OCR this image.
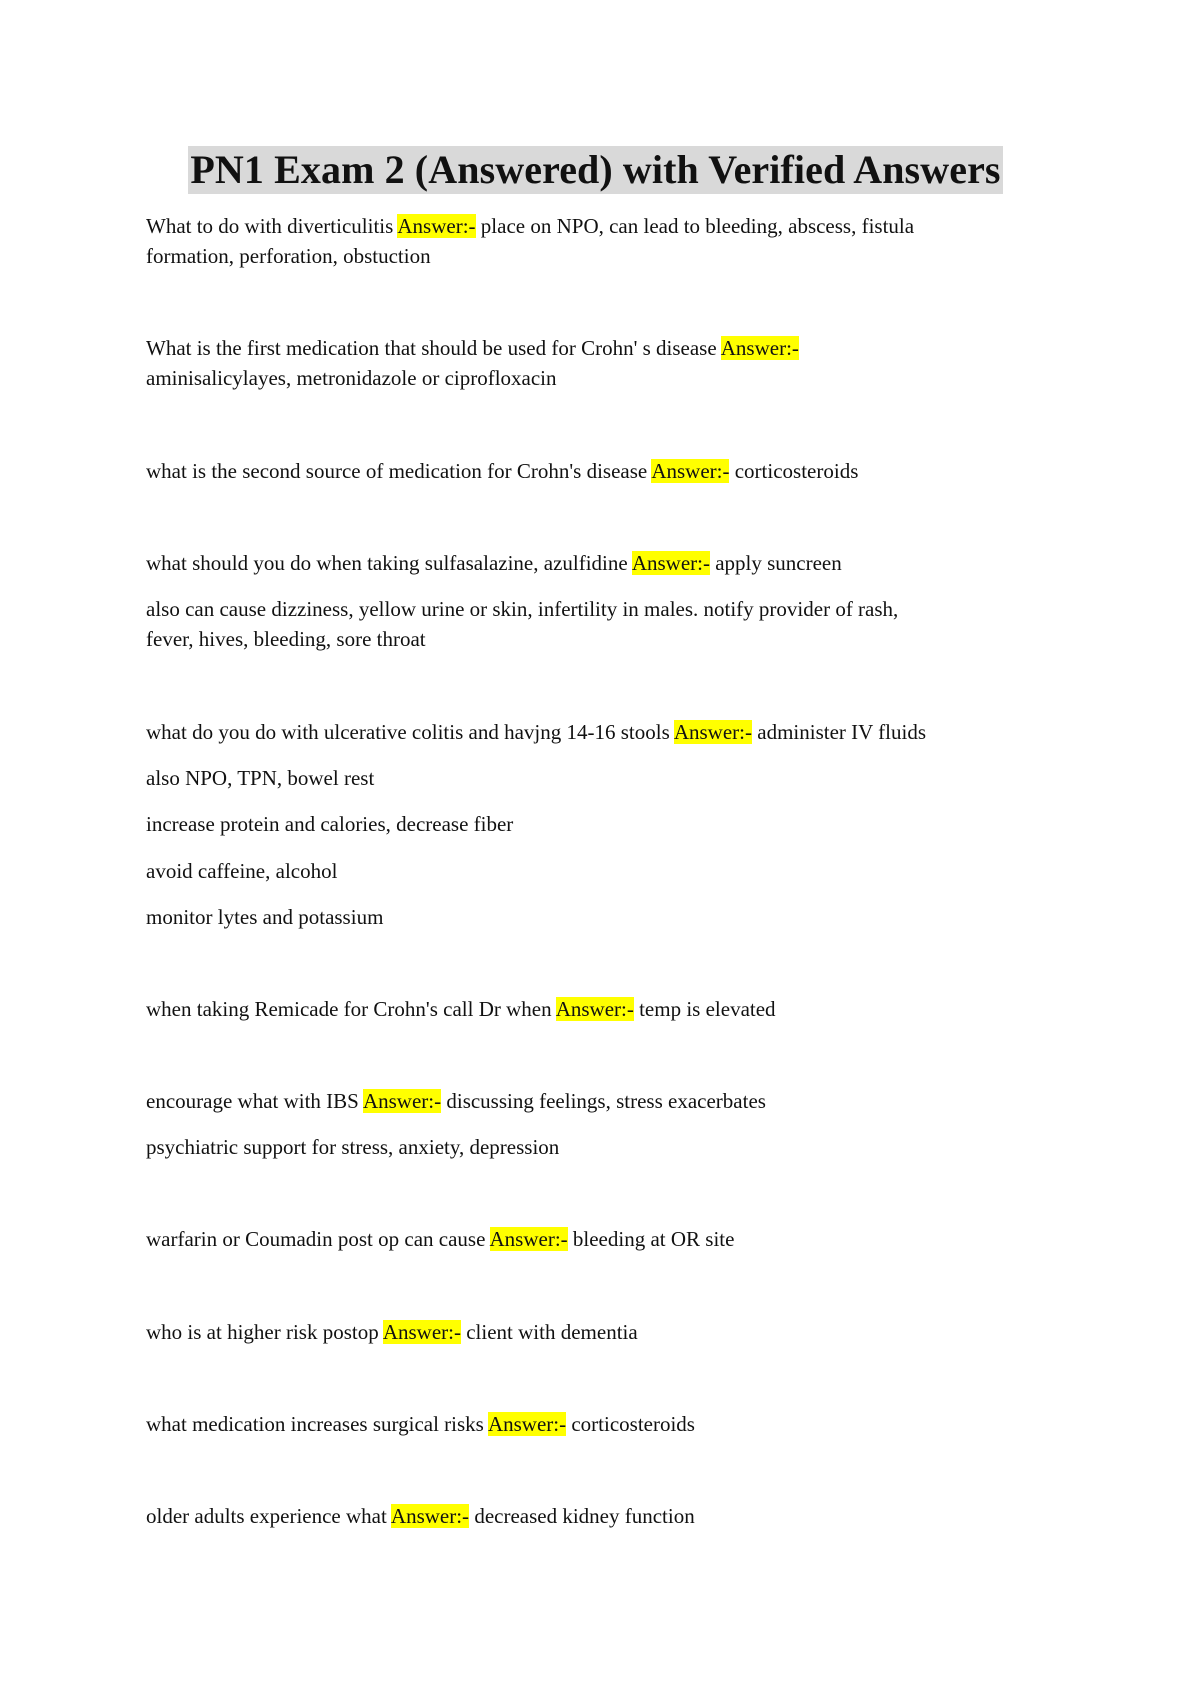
PN1 Exam 2 (Answered) with Verified Answers
What to do with diverticulitis Answer:- place on NPO, can lead to bleeding, abscess, fistula
formation, perforation, obstuction
What is the first medication that should be used for Crohn' s disease Answer:-
aminisalicylayes, metronidazole or ciprofloxacin
what is the second source of medication for Crohn's disease Answer:- corticosteroids
what should you do when taking sulfasalazine, azulfidine Answer:- apply suncreen
also can cause dizziness, yellow urine or skin, infertility in males. notify provider of rash,
fever, hives, bleeding, sore throat
what do you do with ulcerative colitis and havjng 14-16 stools Answer:- administer IV fluids
also NPO, TPN, bowel rest
increase protein and calories, decrease fiber
avoid caffeine, alcohol
monitor lytes and potassium
when taking Remicade for Crohn's call Dr when Answer:- temp is elevated
encourage what with IBS Answer:- discussing feelings, stress exacerbates
psychiatric support for stress, anxiety, depression
warfarin or Coumadin post op can cause Answer:- bleeding at OR site
who is at higher risk postop Answer:- client with dementia
what medication increases surgical risks Answer:- corticosteroids
older adults experience what Answer:- decreased kidney function
